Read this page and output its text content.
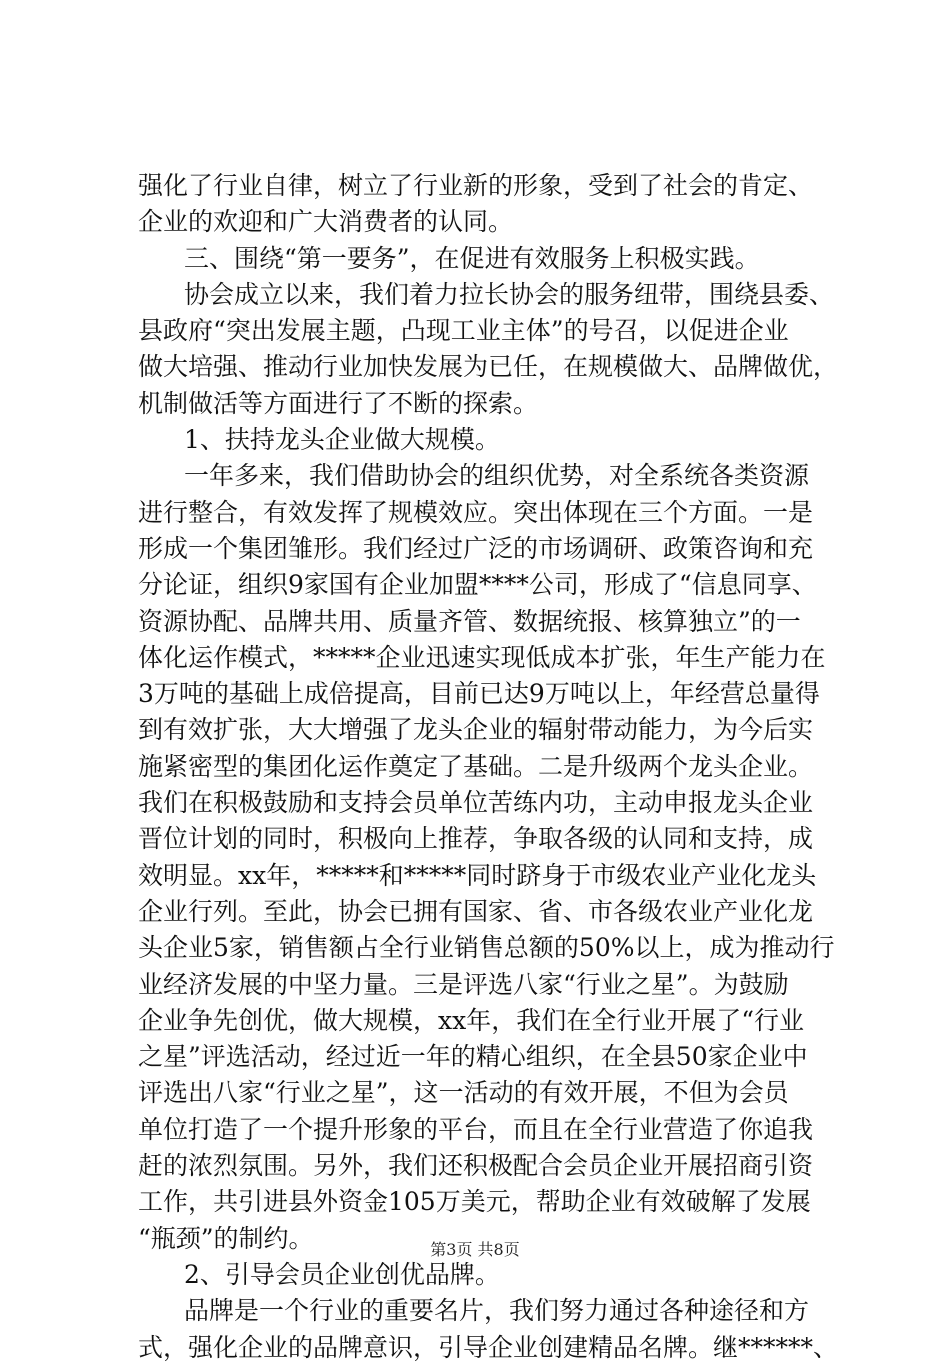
强化了行业自律，树立了行业新的形象，受到了社会的肯定、
企业的欢迎和广大消费者的认同。
三、围绕“第一要务”，在促进有效服务上积极实践。
协会成立以来，我们着力拉长协会的服务纽带，围绕县委、
县政府“突出发展主题，凸现工业主体”的号召，以促进企业
做大培强、推动行业加快发展为已任，在规模做大、品牌做优，
机制做活等方面进行了不断的探索。
1、扶持龙头企业做大规模。
一年多来，我们借助协会的组织优势，对全系统各类资源
进行整合，有效发挥了规模效应。突出体现在三个方面。一是
形成一个集团雏形。我们经过广泛的市场调研、政策咨询和充
分论证，组织9家国有企业加盟****公司，形成了“信息同享、
资源协配、品牌共用、质量齐管、数据统报、核算独立”的一
体化运作模式，*****企业迅速实现低成本扩张，年生产能力在
3万吨的基础上成倍提高，目前已达9万吨以上，年经营总量得
到有效扩张，大大增强了龙头企业的辐射带动能力，为今后实
施紧密型的集团化运作奠定了基础。二是升级两个龙头企业。
我们在积极鼓励和支持会员单位苦练内功，主动申报龙头企业
晋位计划的同时，积极向上推荐，争取各级的认同和支持，成
效明显。xx年，*****和*****同时跻身于市级农业产业化龙头
企业行列。至此，协会已拥有国家、省、市各级农业产业化龙
头企业5家，销售额占全行业销售总额的50%以上，成为推动行
业经济发展的中坚力量。三是评选八家“行业之星”。为鼓励
企业争先创优，做大规模，xx年，我们在全行业开展了“行业
之星”评选活动，经过近一年的精心组织，在全县50家企业中
评选出八家“行业之星”，这一活动的有效开展，不但为会员
单位打造了一个提升形象的平台，而且在全行业营造了你追我
赶的浓烈氛围。另外，我们还积极配合会员企业开展招商引资
工作，共引进县外资金105万美元，帮助企业有效破解了发展
“瓶颈”的制约。
2、引导会员企业创优品牌。
品牌是一个行业的重要名片，我们努力通过各种途径和方
式，强化企业的品牌意识，引导企业创建精品名牌。继******、
第3页 共8页
